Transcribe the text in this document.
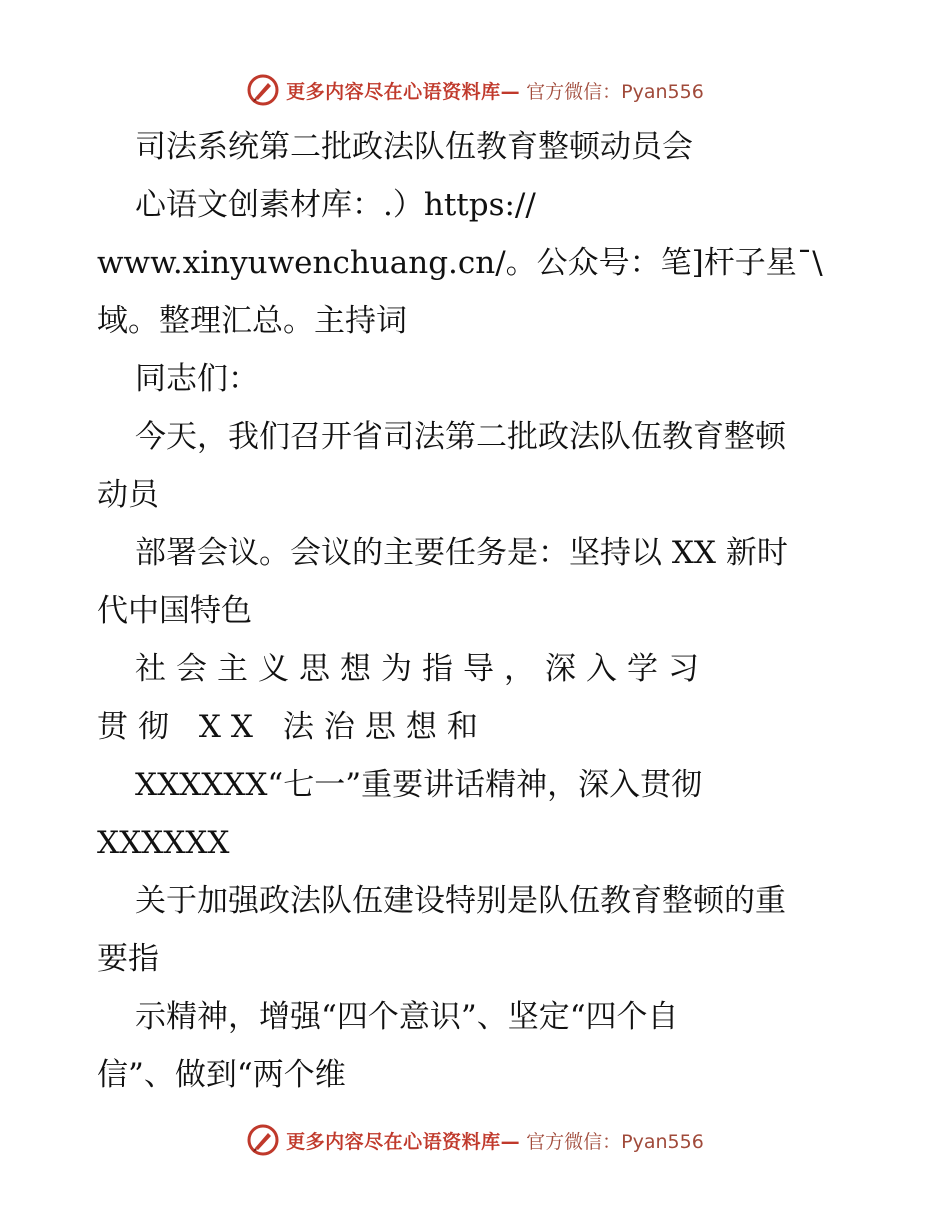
更多内容尽在心语资料库— 官方微信：Pyan556
司法系统第二批政法队伍教育整顿动员会
心语文创素材库：.）https://
www.xinyuwenchuang.cn/。公众号：笔]杆子星¯\
域。整理汇总。主持词
同志们：
今天，我们召开省司法第二批政法队伍教育整顿
动员
部署会议。会议的主要任务是：坚持以 XX 新时
代中国特色
社会主义思想为指导，深入学习
贯彻 XX 法治思想和
XXXXXX“七一”重要讲话精神，深入贯彻
XXXXXX
关于加强政法队伍建设特别是队伍教育整顿的重
要指
示精神，增强“四个意识”、坚定“四个自
信”、做到“两个维
更多内容尽在心语资料库— 官方微信：Pyan556
